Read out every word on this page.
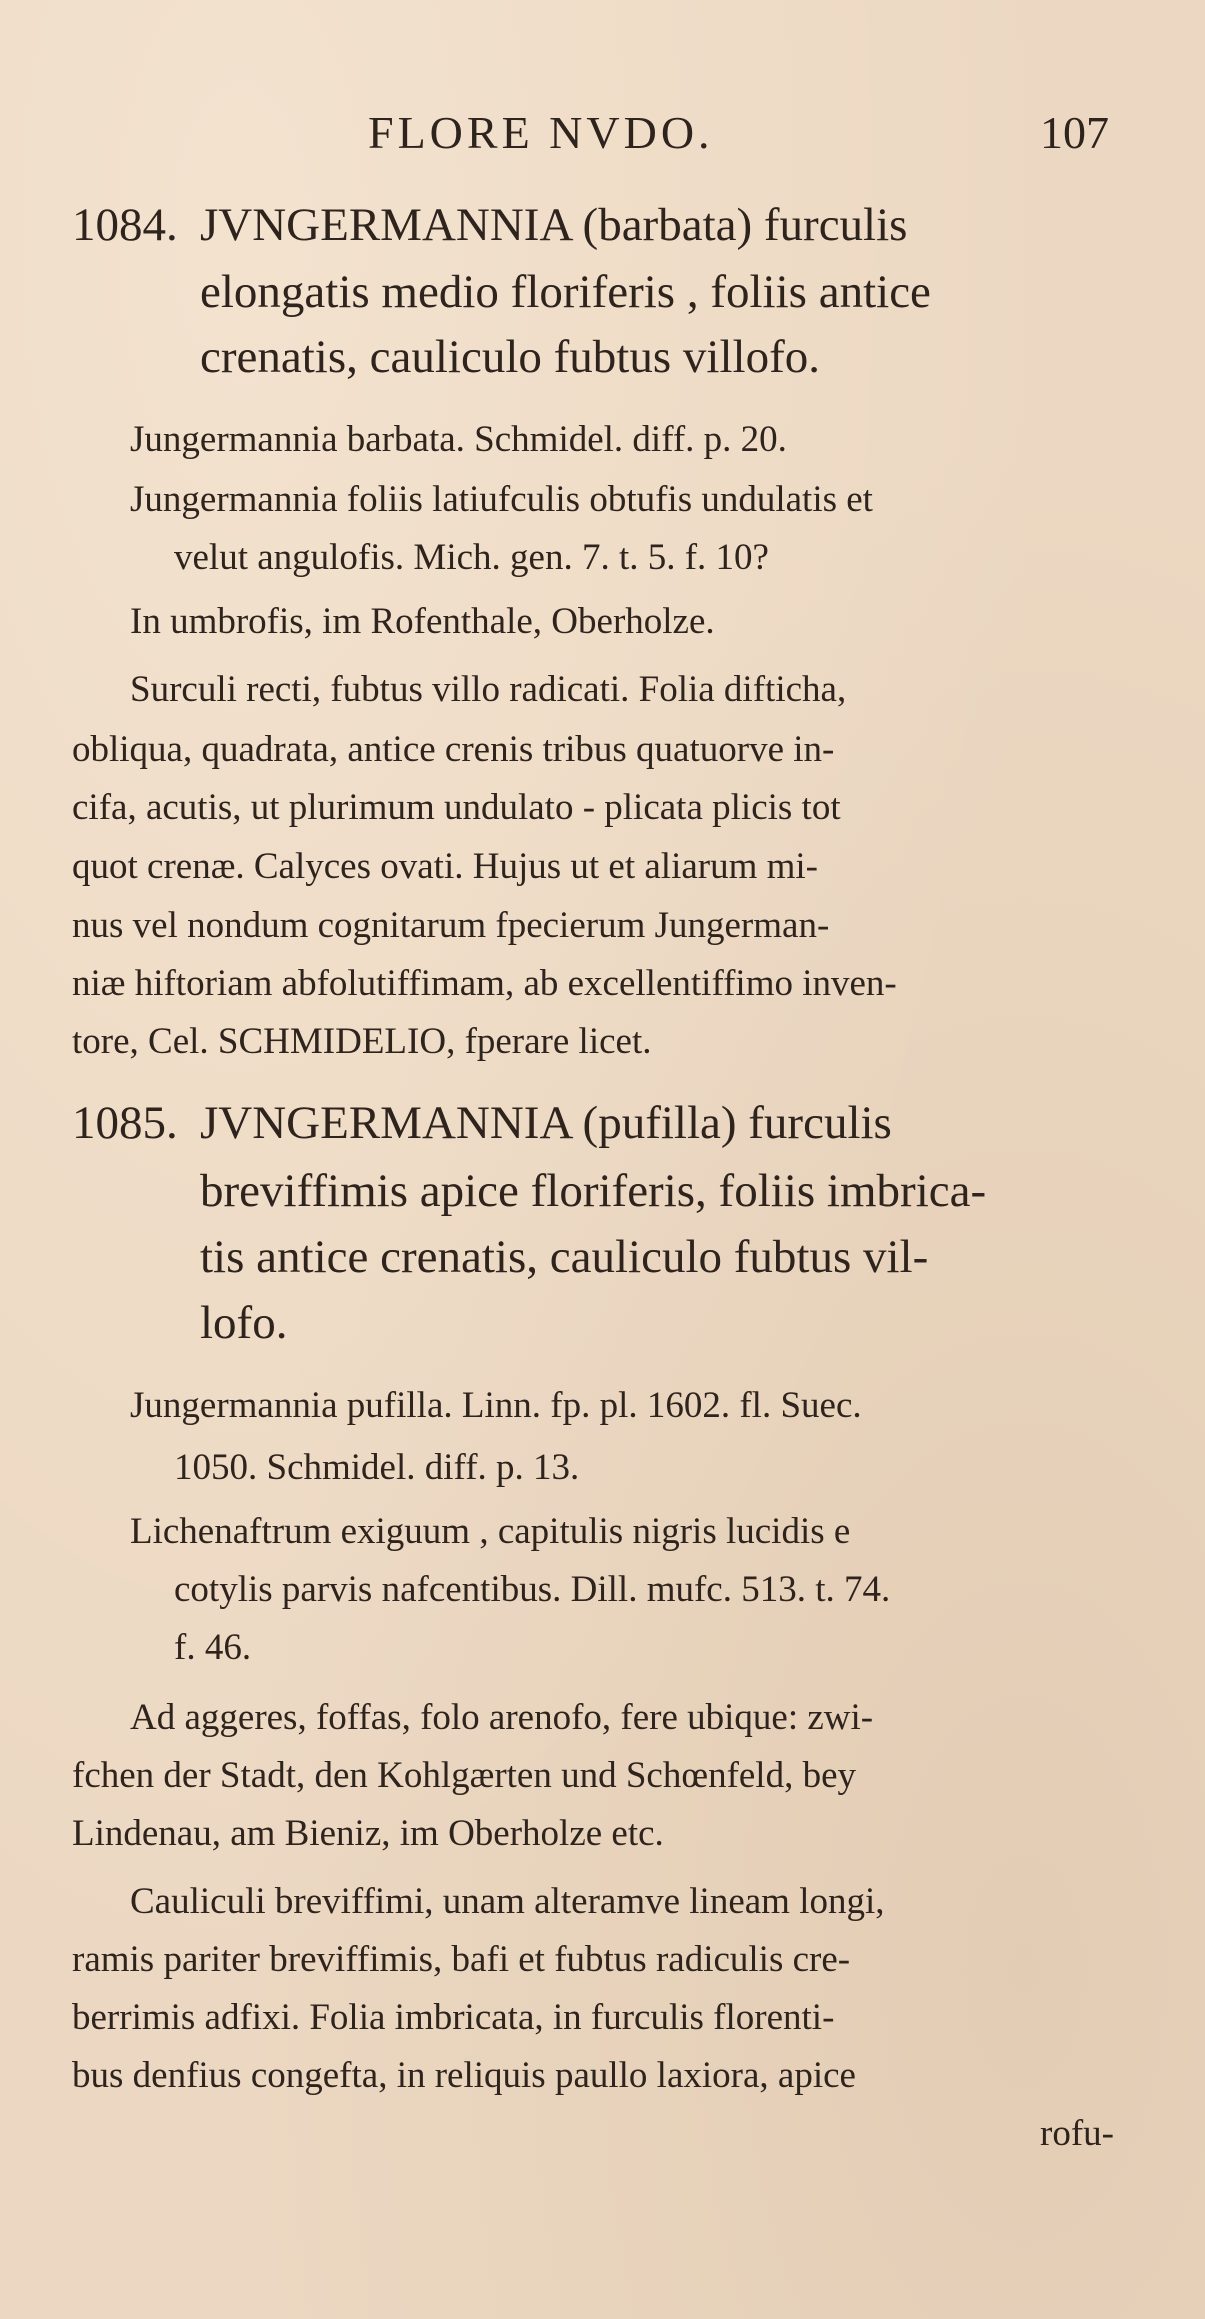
FLORE NVDO.	107
1084. JVNGERMANNIA (barbata) furculis
elongatis medio floriferis , foliis antice
crenatis, cauliculo fubtus villofo.
Jungermannia barbata. Schmidel. diff. p. 20.
Jungermannia foliis latiufculis obtufis undulatis et
velut angulofis. Mich. gen. 7. t. 5. f. 10?
In umbrofis, im Rofenthale, Oberholze.
Surculi recti, fubtus villo radicati. Folia difticha,
obliqua, quadrata, antice crenis tribus quatuorve in-
cifa, acutis, ut plurimum undulato - plicata plicis tot
quot crenæ. Calyces ovati. Hujus ut et aliarum mi-
nus vel nondum cognitarum fpecierum Jungerman-
niæ hiftoriam abfolutiffimam, ab excellentiffimo inven-
tore, Cel. SCHMIDELIO, fperare licet.
1085. JVNGERMANNIA (pufilla) furculis
breviffimis apice floriferis, foliis imbrica-
tis antice crenatis, cauliculo fubtus vil-
lofo.
Jungermannia pufilla. Linn. fp. pl. 1602. fl. Suec.
1050. Schmidel. diff. p. 13.
Lichenaftrum exiguum , capitulis nigris lucidis e
cotylis parvis nafcentibus. Dill. mufc. 513. t. 74.
f. 46.
Ad aggeres, foffas, folo arenofo, fere ubique: zwi-
fchen der Stadt, den Kohlgærten und Schœnfeld, bey
Lindenau, am Bieniz, im Oberholze etc.
Cauliculi breviffimi, unam alteramve lineam longi,
ramis pariter breviffimis, bafi et fubtus radiculis cre-
berrimis adfixi. Folia imbricata, in furculis florenti-
bus denfius congefta, in reliquis paullo laxiora, apice
rofu-
